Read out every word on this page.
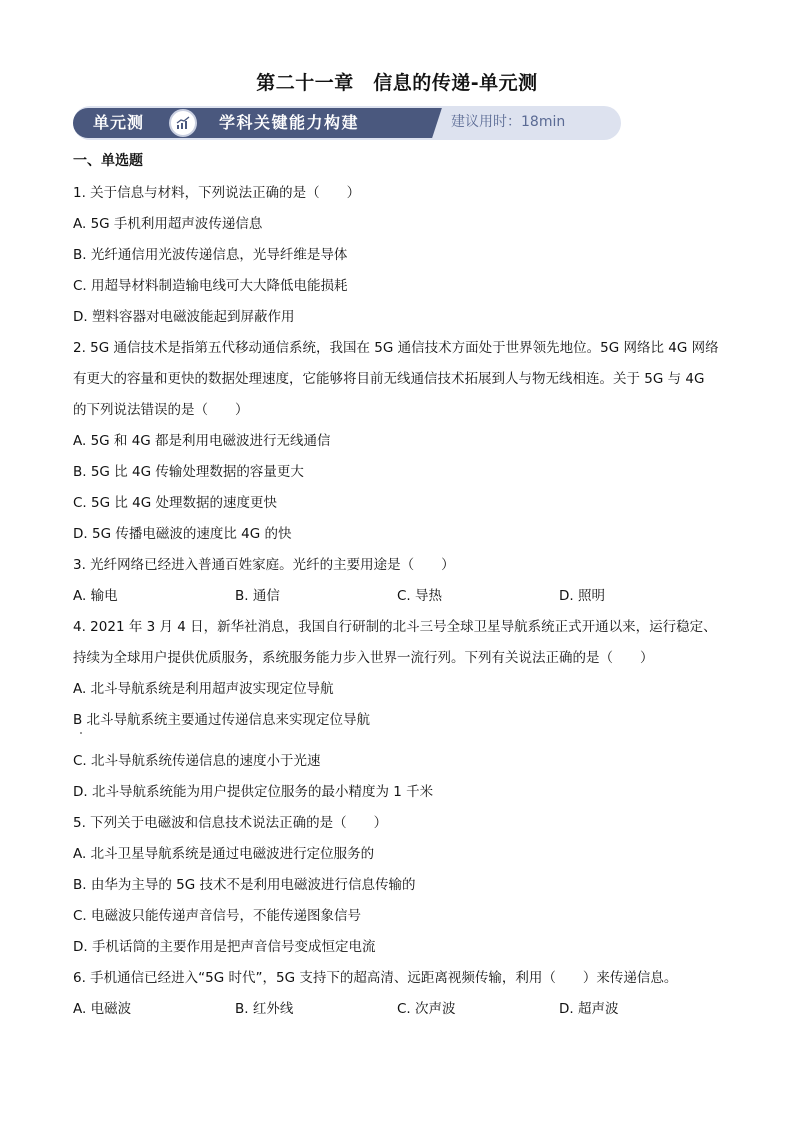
第二十一章　信息的传递-单元测
单元测	学科关键能力构建	建议用时：18min
一、单选题
1. 关于信息与材料，下列说法正确的是（　　）
A. 5G 手机利用超声波传递信息
B. 光纤通信用光波传递信息，光导纤维是导体
C. 用超导材料制造输电线可大大降低电能损耗
D. 塑料容器对电磁波能起到屏蔽作用
2. 5G 通信技术是指第五代移动通信系统，我国在 5G 通信技术方面处于世界领先地位。5G 网络比 4G 网络
有更大的容量和更快的数据处理速度，它能够将目前无线通信技术拓展到人与物无线相连。关于 5G 与 4G
的下列说法错误的是（　　）
A. 5G 和 4G 都是利用电磁波进行无线通信
B. 5G 比 4G 传输处理数据的容量更大
C. 5G 比 4G 处理数据的速度更快
D. 5G 传播电磁波的速度比 4G 的快
3. 光纤网络已经进入普通百姓家庭。光纤的主要用途是（　　）
A. 输电	B. 通信	C. 导热	D. 照明
4. 2021 年 3 月 4 日，新华社消息，我国自行研制的北斗三号全球卫星导航系统正式开通以来，运行稳定、
持续为全球用户提供优质服务，系统服务能力步入世界一流行列。下列有关说法正确的是（　　）
A. 北斗导航系统是利用超声波实现定位导航
B 北斗导航系统主要通过传递信息来实现定位导航
C. 北斗导航系统传递信息的速度小于光速
D. 北斗导航系统能为用户提供定位服务的最小精度为 1 千米
5. 下列关于电磁波和信息技术说法正确的是（　　）
A. 北斗卫星导航系统是通过电磁波进行定位服务的
B. 由华为主导的 5G 技术不是利用电磁波进行信息传输的
C. 电磁波只能传递声音信号，不能传递图象信号
D. 手机话筒的主要作用是把声音信号变成恒定电流
6. 手机通信已经进入“5G 时代”，5G 支持下的超高清、远距离视频传输，利用（　　）来传递信息。
A. 电磁波	B. 红外线	C. 次声波	D. 超声波
